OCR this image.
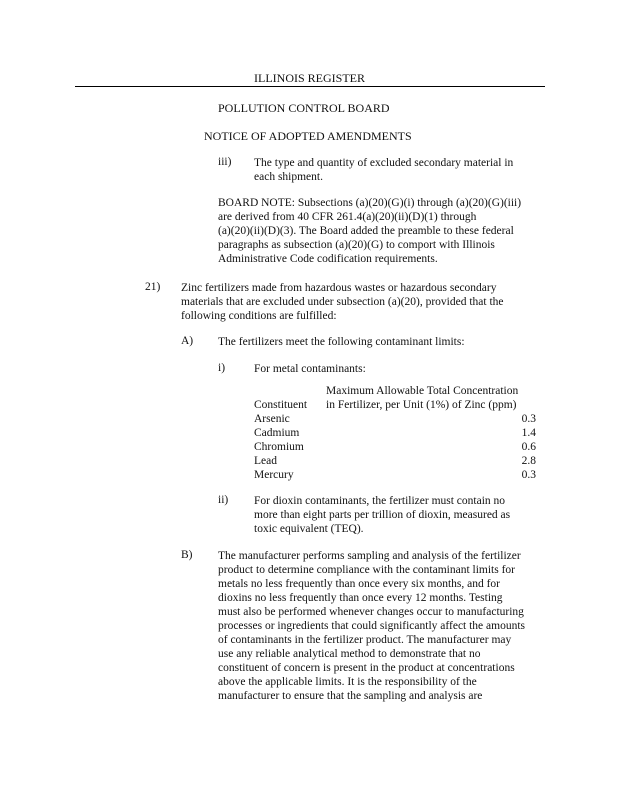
ILLINOIS REGISTER
POLLUTION CONTROL BOARD
NOTICE OF ADOPTED AMENDMENTS
iii) The type and quantity of excluded secondary material in
each shipment.
BOARD NOTE: Subsections (a)(20)(G)(i) through (a)(20)(G)(iii)
are derived from 40 CFR 261.4(a)(20)(ii)(D)(1) through
(a)(20)(ii)(D)(3). The Board added the preamble to these federal
paragraphs as subsection (a)(20)(G) to comport with Illinois
Administrative Code codification requirements.
21) Zinc fertilizers made from hazardous wastes or hazardous secondary
materials that are excluded under subsection (a)(20), provided that the
following conditions are fulfilled:
A) The fertilizers meet the following contaminant limits:
i)	For metal contaminants:
Constituent	Maximum Allowable Total Concentration
in Fertilizer, per Unit (1%) of Zinc (ppm)

Arsenic	0.3
Cadmium	1.4
Chromium	0.6
Lead	2.8
Mercury	0.3
ii) For dioxin contaminants, the fertilizer must contain no
more than eight parts per trillion of dioxin, measured as
toxic equivalent (TEQ).
B) The manufacturer performs sampling and analysis of the fertilizer
product to determine compliance with the contaminant limits for
metals no less frequently than once every six months, and for
dioxins no less frequently than once every 12 months. Testing
must also be performed whenever changes occur to manufacturing
processes or ingredients that could significantly affect the amounts
of contaminants in the fertilizer product. The manufacturer may
use any reliable analytical method to demonstrate that no
constituent of concern is present in the product at concentrations
above the applicable limits. It is the responsibility of the
manufacturer to ensure that the sampling and analysis are
